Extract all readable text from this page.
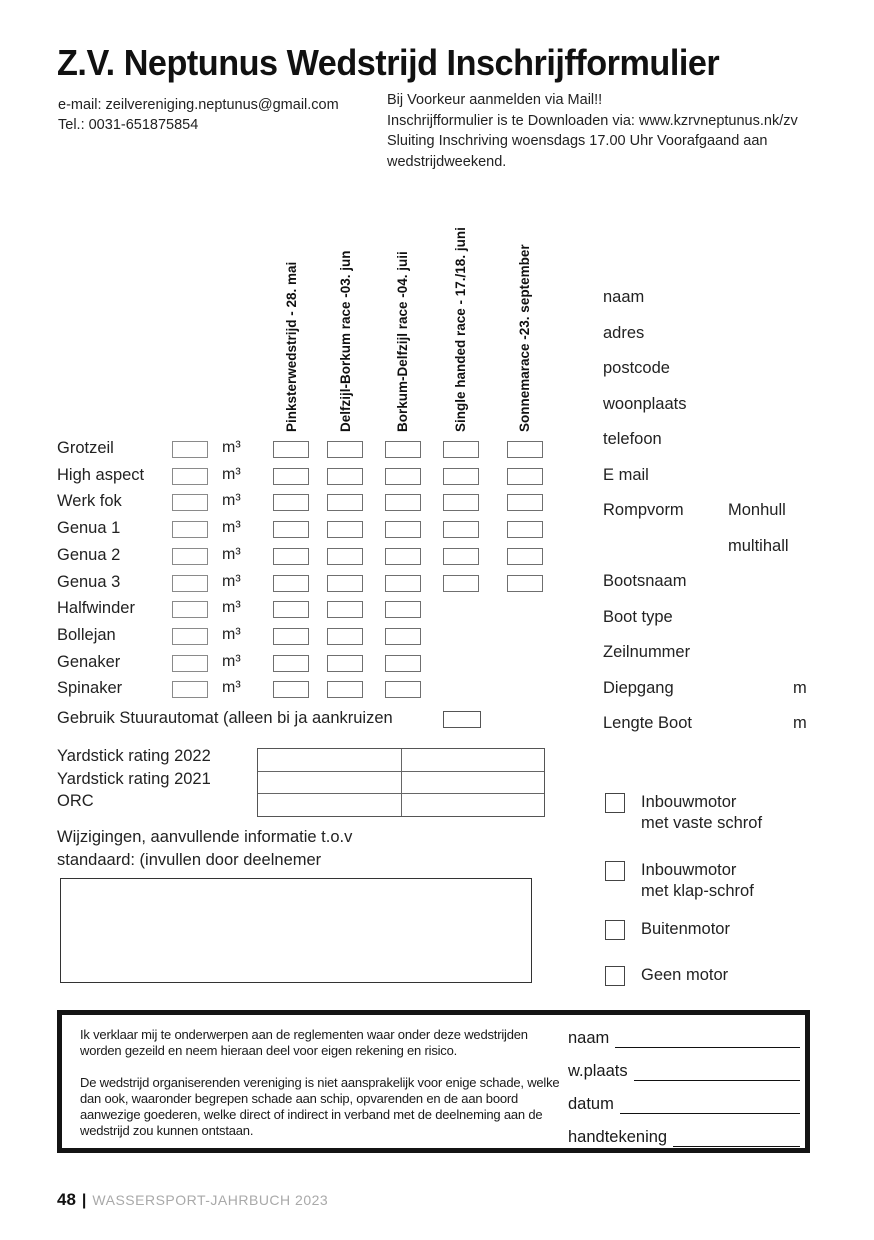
Z.V. Neptunus Wedstrijd Inschrijfformulier
e-mail: zeilvereniging.neptunus@gmail.com
Tel.: 0031-651875854
Bij Voorkeur aanmelden via Mail!!
Inschrijfformulier is te Downloaden via: www.kzrvneptunus.nk/zv
Sluiting Inschriving woensdags 17.00 Uhr Voorafgaand aan
wedstrijdweekend.
Pinksterwedstrijd - 28. mai	Delfzijl-Borkum race -03. jun	Borkum-Delfzijl race -04. juii	Single handed race - 17./18. juni	Sonnemarace -23. september
Grotzeil	m³
High aspect	m³
Werk fok	m³
Genua 1	m³
Genua 2	m³
Genua 3	m³
Halfwinder	m³
Bollejan	m³
Genaker	m³
Spinaker	m³
Gebruik Stuurautomat (alleen bi ja aankruizen
Yardstick rating 2022
Yardstick rating 2021
ORC
Wijzigingen, aanvullende informatie t.o.v
standaard: (invullen door deelnemer
naam
adres
postcode
woonplaats
telefoon
E mail
Rompvorm	Monhull
multihall
Bootsnaam
Boot type
Zeilnummer
Diepgang	m
Lengte Boot	m
Inbouwmotor
met vaste schrof
Inbouwmotor
met klap-schrof
Buitenmotor
Geen motor

Ik verklaar mij te onderwerpen aan de reglementen waar onder deze wedstrijden worden gezeild en neem hieraan deel voor eigen rekening en risico.

De wedstrijd organiserenden vereniging is niet aansprakelijk voor enige schade, welke dan ook, waaronder begrepen schade aan schip, opvarenden en de aan boord aanwezige goederen, welke direct of indirect in verband met de deelneming aan de wedstrijd zou kunnen ontstaan.

naam
w.plaats
datum
handtekening
48 | WASSERSPORT-JAHRBUCH 2023
